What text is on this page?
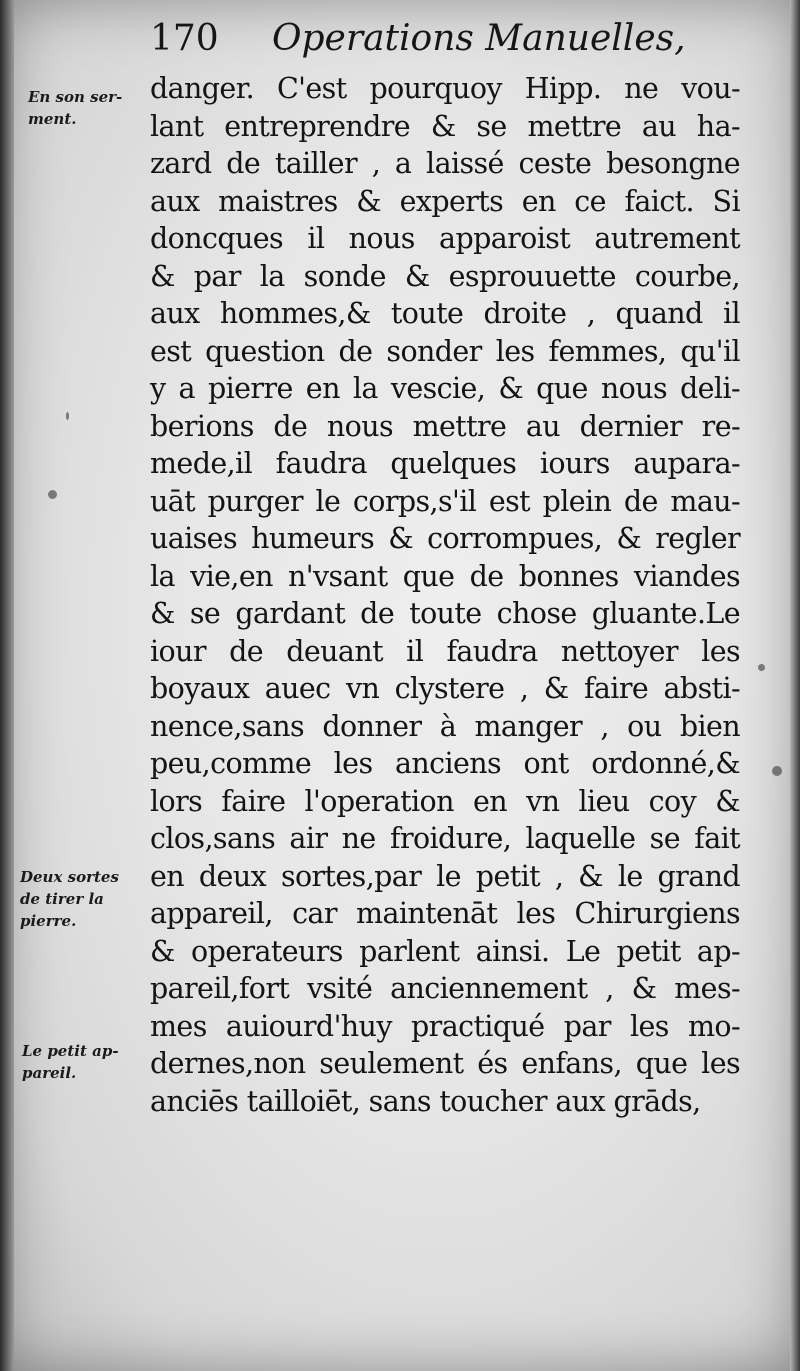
170 Operations Manuelles,
En son ser-
ment.
Deux sortes
de tirer la
pierre.
Le petit ap-
pareil.
danger. C'est pourquoy Hipp. ne vou-
lant entreprendre & se mettre au ha-
zard de tailler , a laissé ceste besongne
aux maistres & experts en ce faict. Si
doncques il nous apparoist autrement
& par la sonde & esprouuette courbe,
aux hommes,& toute droite , quand il
est question de sonder les femmes, qu'il
y a pierre en la vescie, & que nous deli-
berions de nous mettre au dernier re-
mede,il faudra quelques iours aupara-
uāt purger le corps,s'il est plein de mau-
uaises humeurs & corrompues, & regler
la vie,en n'vsant que de bonnes viandes
& se gardant de toute chose gluante.Le
iour de deuant il faudra nettoyer les
boyaux auec vn clystere , & faire absti-
nence,sans donner à manger , ou bien
peu,comme les anciens ont ordonné,&
lors faire l'operation en vn lieu coy &
clos,sans air ne froidure, laquelle se fait
en deux sortes,par le petit , & le grand
appareil, car maintenāt les Chirurgiens
& operateurs parlent ainsi. Le petit ap-
pareil,fort vsité anciennement , & mes-
mes auiourd'huy practiqué par les mo-
dernes,non seulement és enfans, que les
anciēs tailloiēt, sans toucher aux grāds,
